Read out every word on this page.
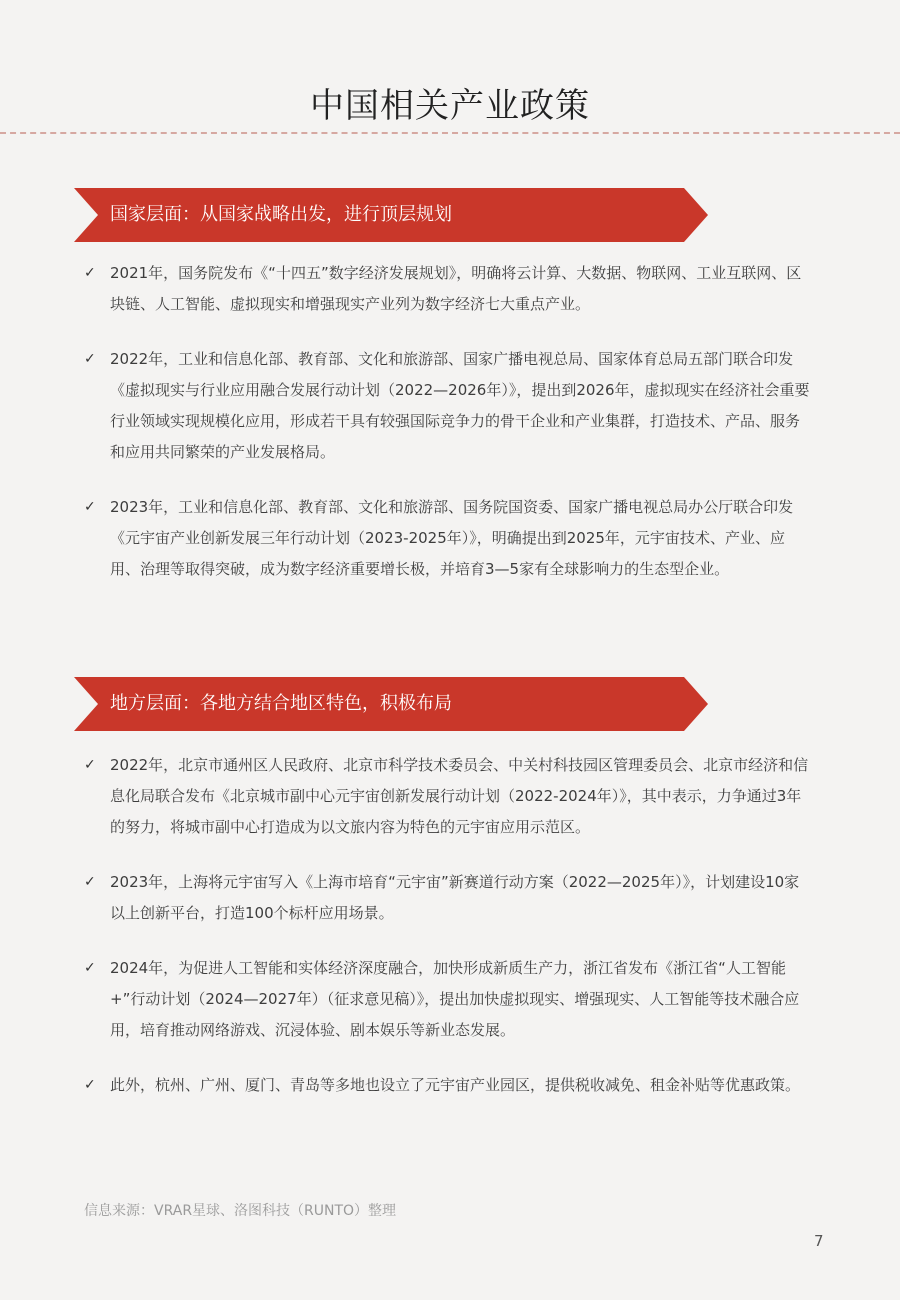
中国相关产业政策
国家层面：从国家战略出发，进行顶层规划

✓ 2021年，国务院发布《“十四五”数字经济发展规划》，明确将云计算、大数据、物联网、工业互联网、区块链、人工智能、虚拟现实和增强现实产业列为数字经济七大重点产业。

✓ 2022年，工业和信息化部、教育部、文化和旅游部、国家广播电视总局、国家体育总局五部门联合印发《虚拟现实与行业应用融合发展行动计划（2022—2026年）》，提出到2026年，虚拟现实在经济社会重要行业领域实现规模化应用，形成若干具有较强国际竞争力的骨干企业和产业集群，打造技术、产品、服务和应用共同繁荣的产业发展格局。

✓ 2023年，工业和信息化部、教育部、文化和旅游部、国务院国资委、国家广播电视总局办公厅联合印发《元宇宙产业创新发展三年行动计划（2023-2025年）》，明确提出到2025年，元宇宙技术、产业、应用、治理等取得突破，成为数字经济重要增长极，并培育3—5家有全球影响力的生态型企业。

地方层面：各地方结合地区特色，积极布局

✓ 2022年，北京市通州区人民政府、北京市科学技术委员会、中关村科技园区管理委员会、北京市经济和信息化局联合发布《北京城市副中心元宇宙创新发展行动计划（2022-2024年）》，其中表示，力争通过3年的努力，将城市副中心打造成为以文旅内容为特色的元宇宙应用示范区。

✓ 2023年，上海将元宇宙写入《上海市培育“元宇宙”新赛道行动方案（2022—2025年）》，计划建设10家以上创新平台，打造100个标杆应用场景。

✓ 2024年，为促进人工智能和实体经济深度融合，加快形成新质生产力，浙江省发布《浙江省“人工智能+”行动计划（2024—2027年）（征求意见稿）》，提出加快虚拟现实、增强现实、人工智能等技术融合应用，培育推动网络游戏、沉浸体验、剧本娱乐等新业态发展。

✓ 此外，杭州、广州、厦门、青岛等多地也设立了元宇宙产业园区，提供税收减免、租金补贴等优惠政策。

信息来源：VRAR星球、洛图科技（RUNTO）整理
7
